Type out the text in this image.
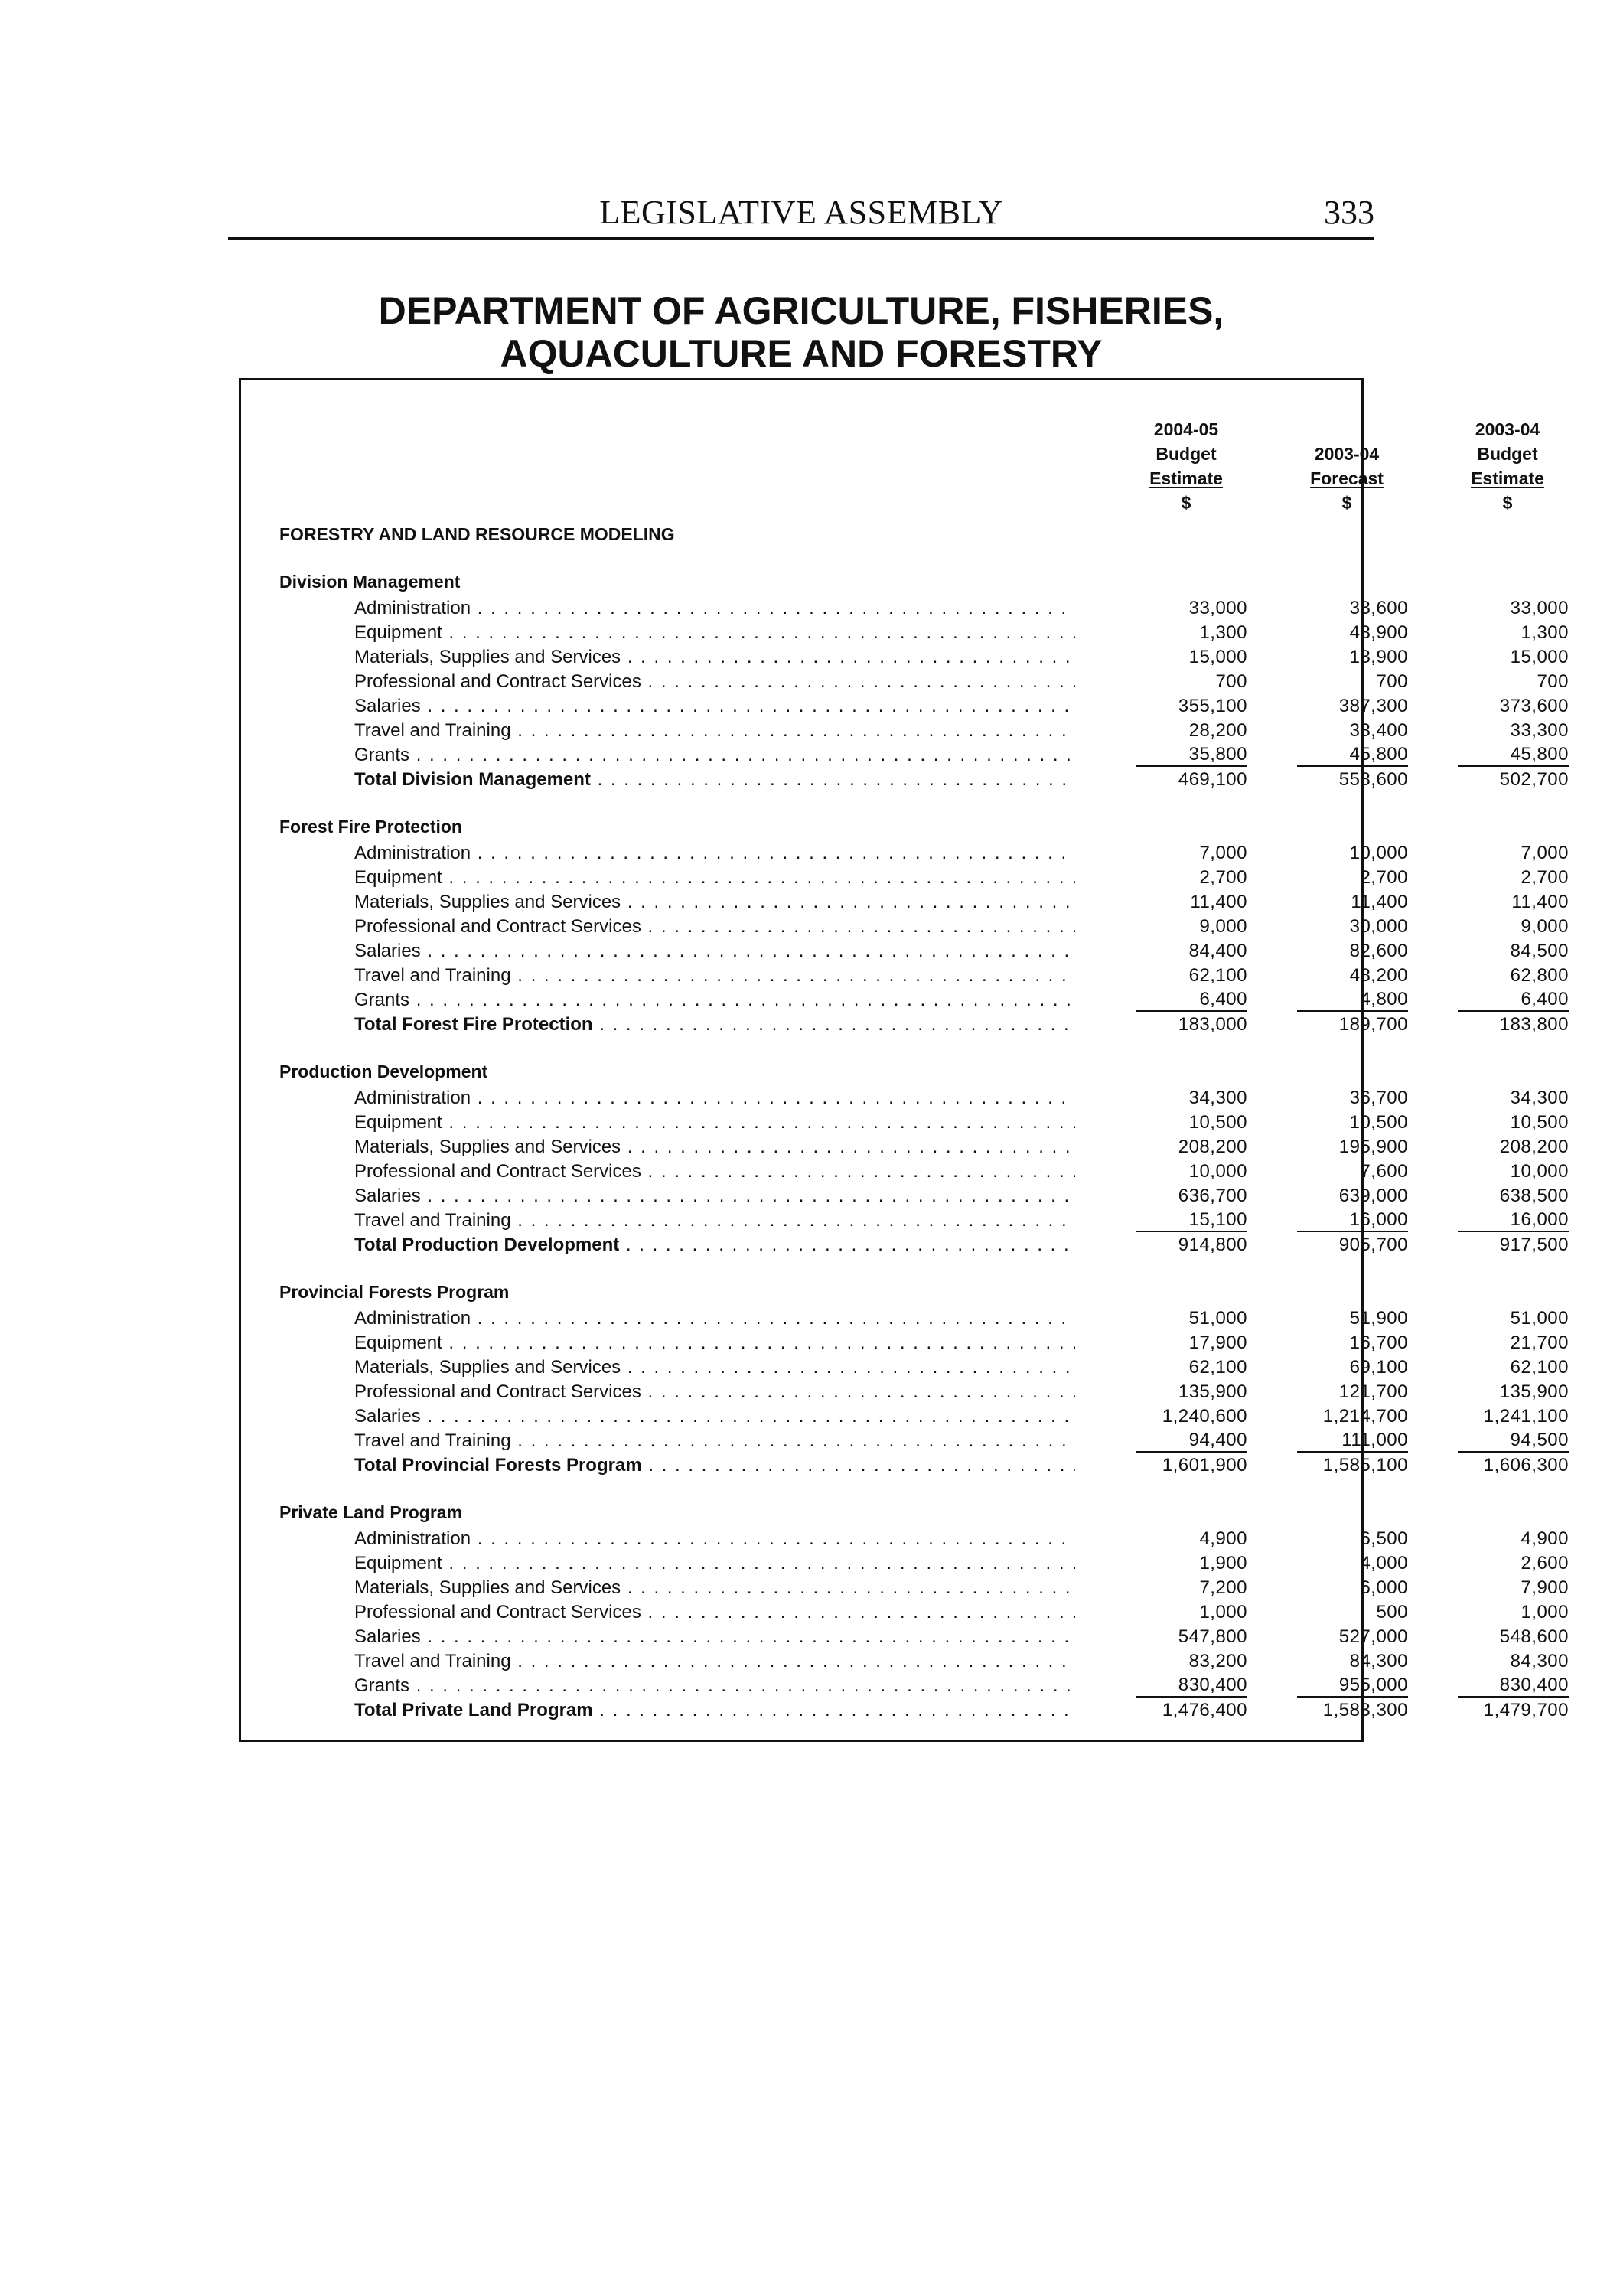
LEGISLATIVE ASSEMBLY	333
DEPARTMENT OF AGRICULTURE, FISHERIES,
AQUACULTURE AND FORESTRY
2004-05
Budget
Estimate
$
2003-04
Forecast
$
2003-04
Budget
Estimate
$
FORESTRY AND LAND RESOURCE MODELING
Division Management
Administration . . .	33,000	33,600	33,000
Equipment . . .	1,300	43,900	1,300
Materials, Supplies and Services . . .	15,000	13,900	15,000
Professional and Contract Services . . .	700	700	700
Salaries . . .	355,100	387,300	373,600
Travel and Training . . .	28,200	33,400	33,300
Grants . . .	35,800	45,800	45,800
Total Division Management . . .	469,100	558,600	502,700
Forest Fire Protection
Administration . . .	7,000	10,000	7,000
Equipment . . .	2,700	2,700	2,700
Materials, Supplies and Services . . .	11,400	11,400	11,400
Professional and Contract Services . . .	9,000	30,000	9,000
Salaries . . .	84,400	82,600	84,500
Travel and Training . . .	62,100	48,200	62,800
Grants . . .	6,400	4,800	6,400
Total Forest Fire Protection . . .	183,000	189,700	183,800
Production Development
Administration . . .	34,300	36,700	34,300
Equipment . . .	10,500	10,500	10,500
Materials, Supplies and Services . . .	208,200	195,900	208,200
Professional and Contract Services . . .	10,000	7,600	10,000
Salaries . . .	636,700	639,000	638,500
Travel and Training . . .	15,100	16,000	16,000
Total Production Development . . .	914,800	905,700	917,500
Provincial Forests Program
Administration . . .	51,000	51,900	51,000
Equipment . . .	17,900	16,700	21,700
Materials, Supplies and Services . . .	62,100	69,100	62,100
Professional and Contract Services . . .	135,900	121,700	135,900
Salaries . . .	1,240,600	1,214,700	1,241,100
Travel and Training . . .	94,400	111,000	94,500
Total Provincial Forests Program . . .	1,601,900	1,585,100	1,606,300
Private Land Program
Administration . . .	4,900	6,500	4,900
Equipment . . .	1,900	4,000	2,600
Materials, Supplies and Services . . .	7,200	6,000	7,900
Professional and Contract Services . . .	1,000	500	1,000
Salaries . . .	547,800	527,000	548,600
Travel and Training . . .	83,200	84,300	84,300
Grants . . .	830,400	955,000	830,400
Total Private Land Program . . .	1,476,400	1,583,300	1,479,700
